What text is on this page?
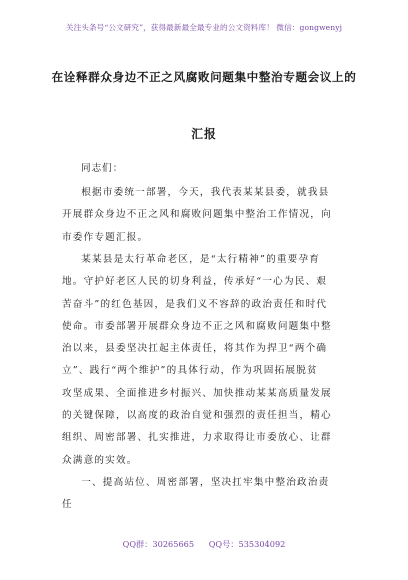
关注头条号“公文研究”，获得最新最全最专业的公文资料库！ 微信：gongwenyj
在诠释群众身边不正之风腐败问题集中整治专题会议上的
汇报
同志们：

根据市委统一部署，今天，我代表某某县委，就我县
开展群众身边不正之风和腐败问题集中整治工作情况，向
市委作专题汇报。

某某县是太行革命老区，是“太行精神”的重要孕育
地。守护好老区人民的切身利益，传承好“一心为民、艰
苦奋斗”的红色基因，是我们义不容辞的政治责任和时代
使命。市委部署开展群众身边不正之风和腐败问题集中整
治以来，县委坚决扛起主体责任，将其作为捍卫“两个确
立”、践行“两个维护”的具体行动，作为巩固拓展脱贫
攻坚成果、全面推进乡村振兴、加快推动某某高质量发展
的关键保障，以高度的政治自觉和强烈的责任担当，精心
组织、周密部署、扎实推进，力求取得让市委放心、让群
众满意的实效。

一、提高站位、周密部署，坚决扛牢集中整治政治责
任

QQ群：30265665 QQ号：535304092
